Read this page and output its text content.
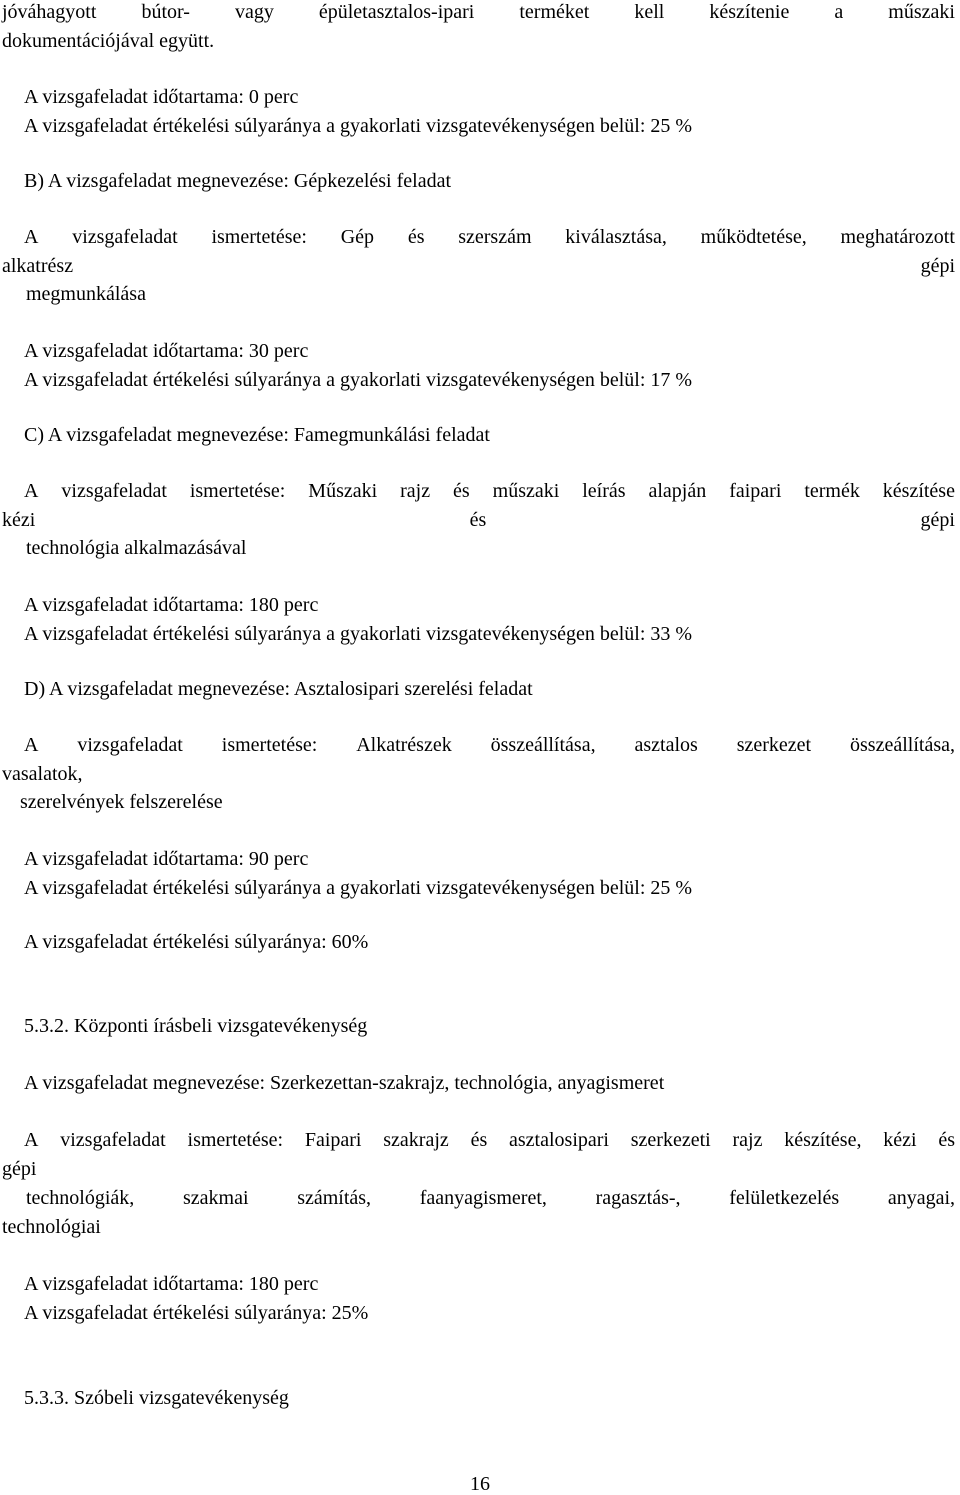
jóváhagyott bútor- vagy épületasztalos-ipari terméket kell készítenie a műszaki
dokumentációjával együtt.
A vizsgafeladat időtartama: 0 perc
A vizsgafeladat értékelési súlyaránya a gyakorlati vizsgatevékenységen belül: 25 %
B) A vizsgafeladat megnevezése: Gépkezelési feladat
A vizsgafeladat ismertetése: Gép és szerszám kiválasztása, működtetése, meghatározott
alkatrész	gépi
megmunkálása
A vizsgafeladat időtartama: 30 perc
A vizsgafeladat értékelési súlyaránya a gyakorlati vizsgatevékenységen belül: 17 %
C) A vizsgafeladat megnevezése: Famegmunkálási feladat
A vizsgafeladat ismertetése: Műszaki rajz és műszaki leírás alapján faipari termék készítése
kézi	és	gépi
technológia alkalmazásával
A vizsgafeladat időtartama: 180 perc
A vizsgafeladat értékelési súlyaránya a gyakorlati vizsgatevékenységen belül: 33 %
D) A vizsgafeladat megnevezése: Asztalosipari szerelési feladat
A vizsgafeladat ismertetése: Alkatrészek összeállítása, asztalos szerkezet összeállítása,
vasalatok,
szerelvények felszerelése
A vizsgafeladat időtartama: 90 perc
A vizsgafeladat értékelési súlyaránya a gyakorlati vizsgatevékenységen belül: 25 %
A vizsgafeladat értékelési súlyaránya: 60%
5.3.2. Központi írásbeli vizsgatevékenység
A vizsgafeladat megnevezése: Szerkezettan-szakrajz, technológia, anyagismeret
A vizsgafeladat ismertetése: Faipari szakrajz és asztalosipari szerkezeti rajz készítése, kézi és
gépi
technológiák, szakmai számítás, faanyagismeret, ragasztás-, felületkezelés anyagai,
technológiai
A vizsgafeladat időtartama: 180 perc
A vizsgafeladat értékelési súlyaránya: 25%
5.3.3. Szóbeli vizsgatevékenység
16
